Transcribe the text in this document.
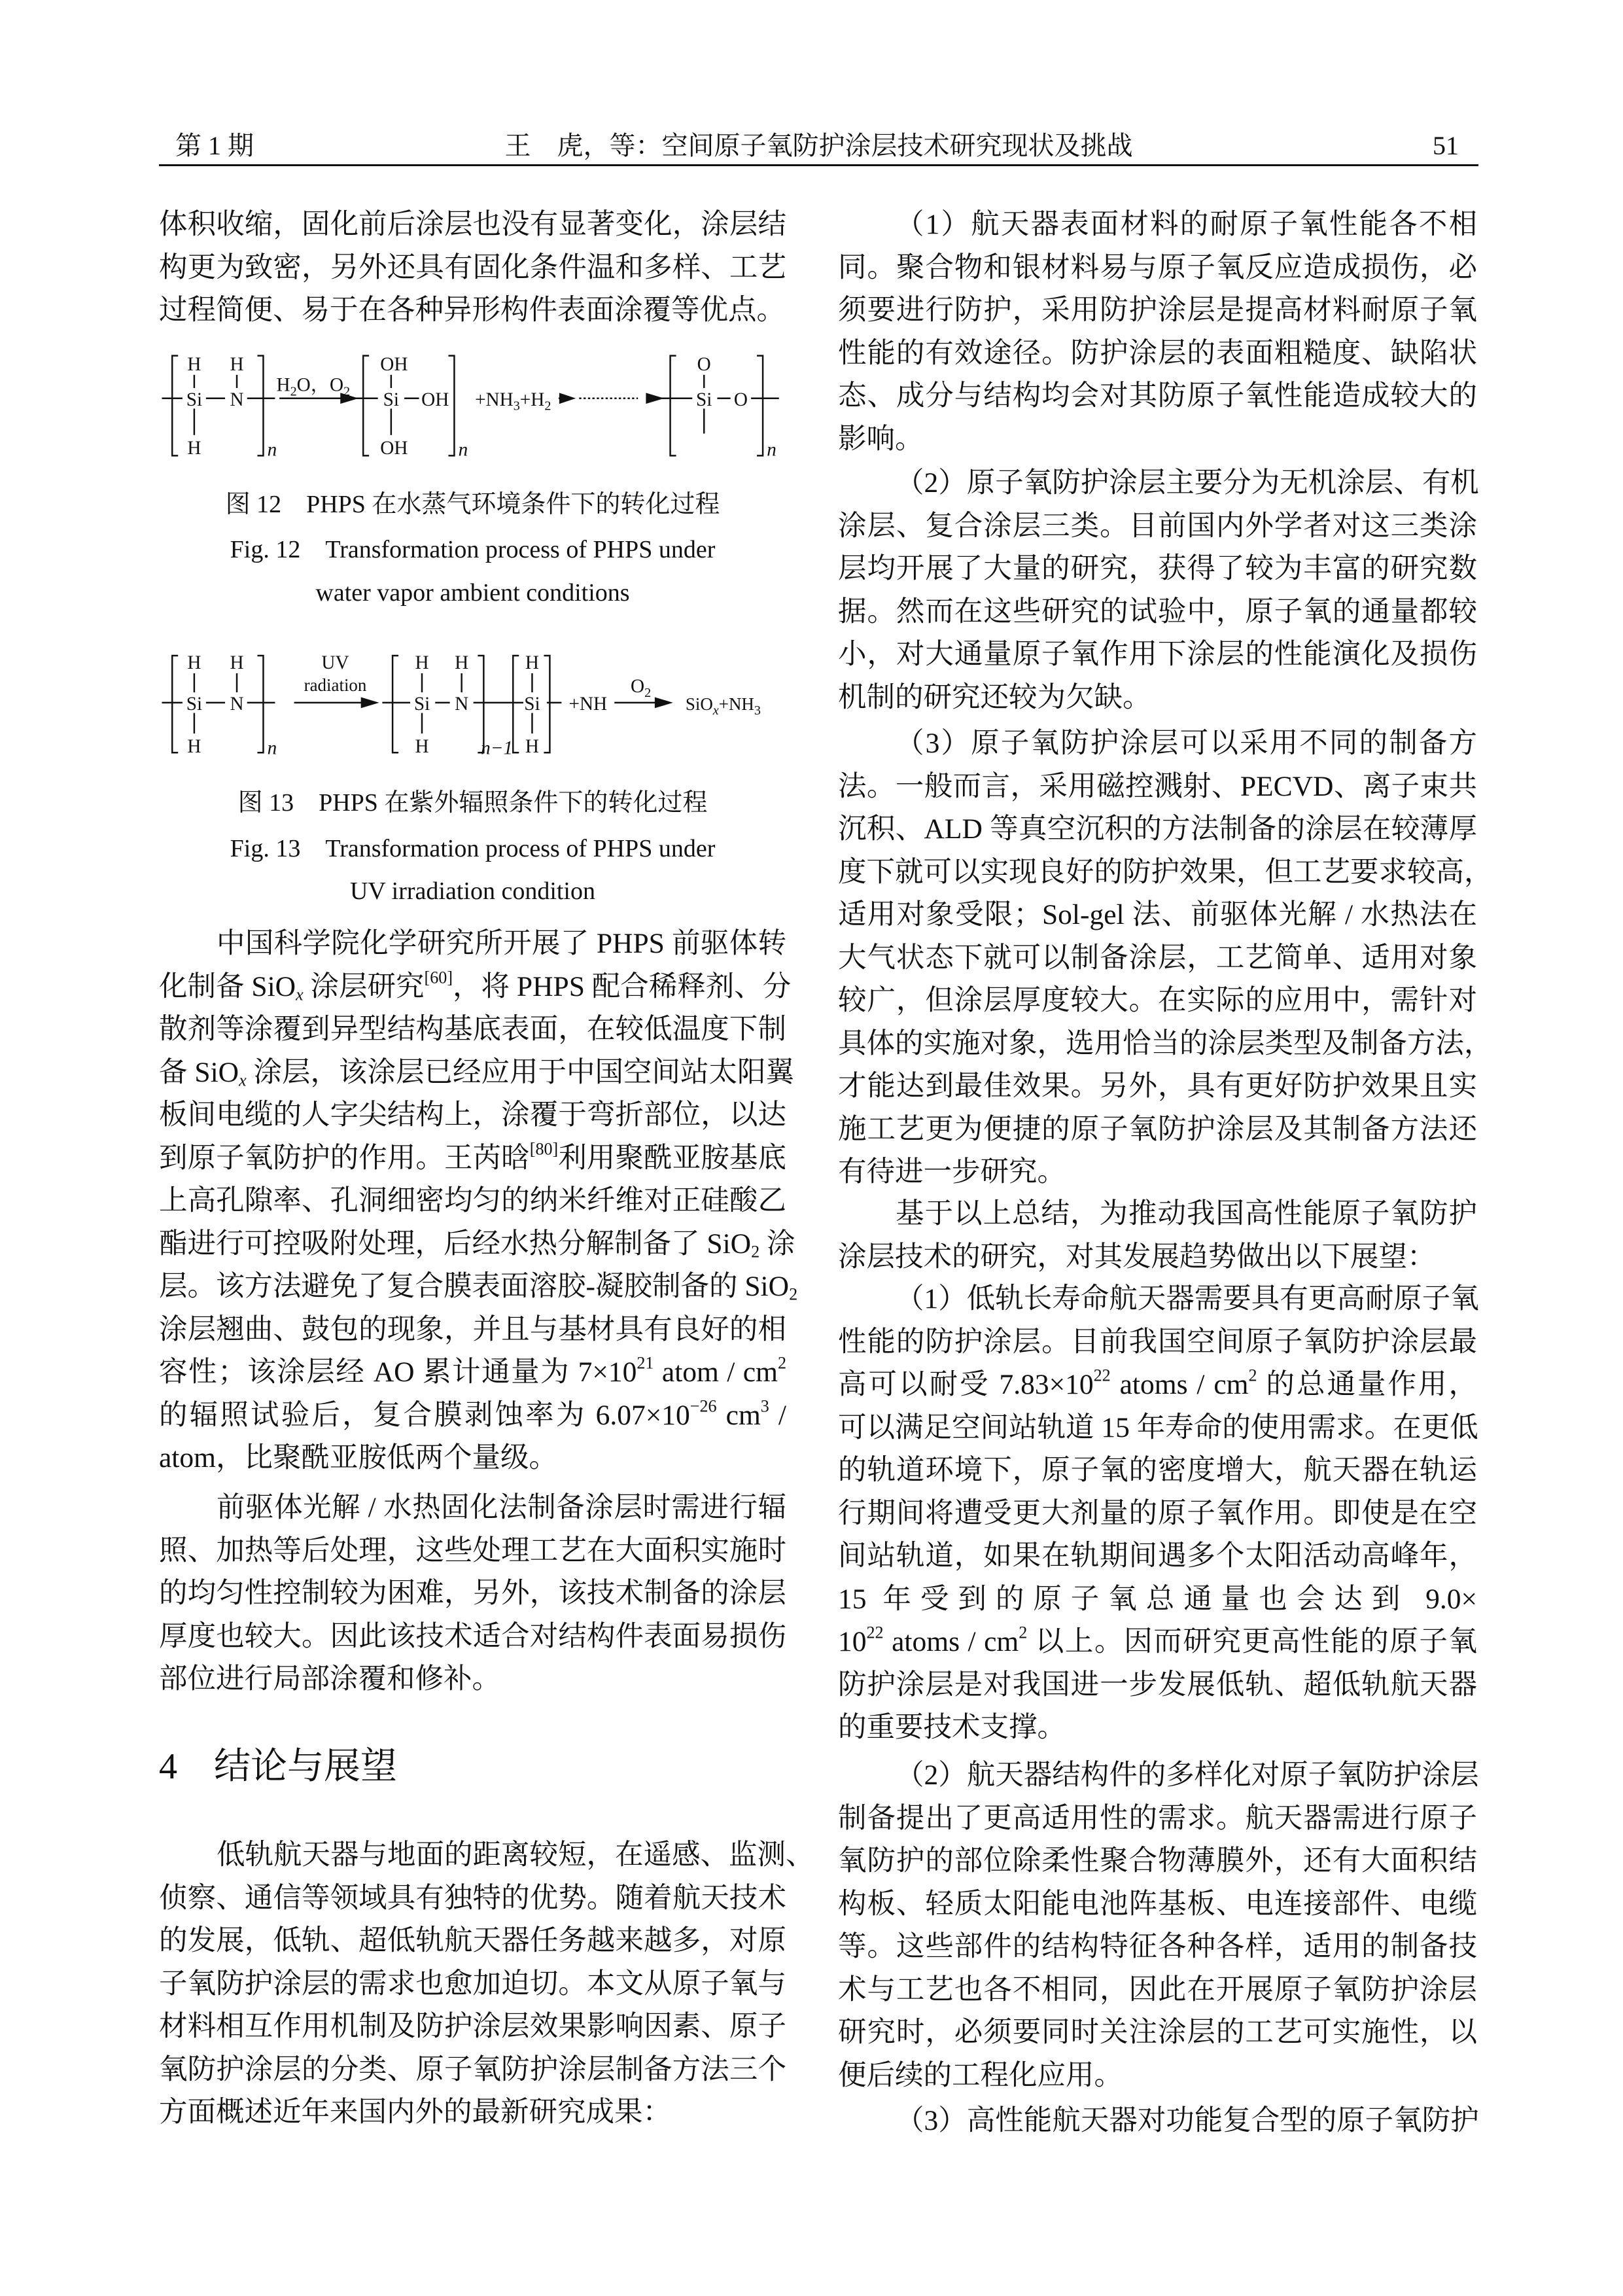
第 1 期	王　虎，等：空间原子氧防护涂层技术研究现状及挑战	51
体积收缩，固化前后涂层也没有显著变化，涂层结
构更为致密，另外还具有固化条件温和多样、工艺
过程简便、易于在各种异形构件表面涂覆等优点。
中国科学院化学研究所开展了 PHPS 前驱体转
化制备 SiO$_x$ 涂层研究[60]，将 PHPS 配合稀释剂、分
散剂等涂覆到异型结构基底表面，在较低温度下制
备 SiO$_x$ 涂层，该涂层已经应用于中国空间站太阳翼
板间电缆的人字尖结构上，涂覆于弯折部位，以达
到原子氧防护的作用。王芮晗[80]利用聚酰亚胺基底
上高孔隙率、孔洞细密均匀的纳米纤维对正硅酸乙
酯进行可控吸附处理，后经水热分解制备了 SiO$_2$ 涂
层。该方法避免了复合膜表面溶胶-凝胶制备的 SiO$_2$
涂层翘曲、鼓包的现象，并且与基材具有良好的相
容性；该涂层经 AO 累计通量为 $7\times 10^{21}$ atom / $cm^2$
的辐照试验后，复合膜剥蚀率为 $6.07\times 10^{-26}$ $cm^3$ /
atom，比聚酰亚胺低两个量级。
前驱体光解 / 水热固化法制备涂层时需进行辐
照、加热等后处理，这些处理工艺在大面积实施时
的均匀性控制较为困难，另外，该技术制备的涂层
厚度也较大。因此该技术适合对结构件表面易损伤
部位进行局部涂覆和修补。
4　结论与展望
低轨航天器与地面的距离较短，在遥感、监测、
侦察、通信等领域具有独特的优势。随着航天技术
的发展，低轨、超低轨航天器任务越来越多，对原
子氧防护涂层的需求也愈加迫切。本文从原子氧与
材料相互作用机制及防护涂层效果影响因素、原子
氧防护涂层的分类、原子氧防护涂层制备方法三个
方面概述近年来国内外的最新研究成果：
H	H
Si	N
H	n
$H_2O$，$O_2$
OH
Si	OH
OH	n
$+NH_3+H_2$
O
Si	O
n
图 12　PHPS 在水蒸气环境条件下的转化过程
Fig. 12　Transformation process of PHPS under
water vapor ambient conditions
H	H
Si	N
H	n
UV
radiation
H	H
Si	N
H	n−1
H
Si
H
+NH
$O_2$
$SiO_x+NH_3$
图 13　PHPS 在紫外辐照条件下的转化过程
Fig. 13　Transformation process of PHPS under
UV irradiation condition
（1）航天器表面材料的耐原子氧性能各不相
同。聚合物和银材料易与原子氧反应造成损伤，必
须要进行防护，采用防护涂层是提高材料耐原子氧
性能的有效途径。防护涂层的表面粗糙度、缺陷状
态、成分与结构均会对其防原子氧性能造成较大的
影响。
（2）原子氧防护涂层主要分为无机涂层、有机
涂层、复合涂层三类。目前国内外学者对这三类涂
层均开展了大量的研究，获得了较为丰富的研究数
据。然而在这些研究的试验中，原子氧的通量都较
小，对大通量原子氧作用下涂层的性能演化及损伤
机制的研究还较为欠缺。
（3）原子氧防护涂层可以采用不同的制备方
法。一般而言，采用磁控溅射、PECVD、离子束共
沉积、ALD 等真空沉积的方法制备的涂层在较薄厚
度下就可以实现良好的防护效果，但工艺要求较高，
适用对象受限；Sol-gel 法、前驱体光解 / 水热法在
大气状态下就可以制备涂层，工艺简单、适用对象
较广，但涂层厚度较大。在实际的应用中，需针对
具体的实施对象，选用恰当的涂层类型及制备方法，
才能达到最佳效果。另外，具有更好防护效果且实
施工艺更为便捷的原子氧防护涂层及其制备方法还
有待进一步研究。
基于以上总结，为推动我国高性能原子氧防护
涂层技术的研究，对其发展趋势做出以下展望：
（1）低轨长寿命航天器需要具有更高耐原子氧
性能的防护涂层。目前我国空间原子氧防护涂层最
高可以耐受 $7.83\times 10^{22}$ atoms / $cm^2$ 的总通量作用，
可以满足空间站轨道 15 年寿命的使用需求。在更低
的轨道环境下，原子氧的密度增大，航天器在轨运
行期间将遭受更大剂量的原子氧作用。即使是在空
间站轨道，如果在轨期间遇多个太阳活动高峰年，
15 年受到的原子氧总通量也会达到 9.0×
$10^{22}$ atoms / $cm^2$ 以上。因而研究更高性能的原子氧
防护涂层是对我国进一步发展低轨、超低轨航天器
的重要技术支撑。
（2）航天器结构件的多样化对原子氧防护涂层
制备提出了更高适用性的需求。航天器需进行原子
氧防护的部位除柔性聚合物薄膜外，还有大面积结
构板、轻质太阳能电池阵基板、电连接部件、电缆
等。这些部件的结构特征各种各样，适用的制备技
术与工艺也各不相同，因此在开展原子氧防护涂层
研究时，必须要同时关注涂层的工艺可实施性，以
便后续的工程化应用。
（3）高性能航天器对功能复合型的原子氧防护
